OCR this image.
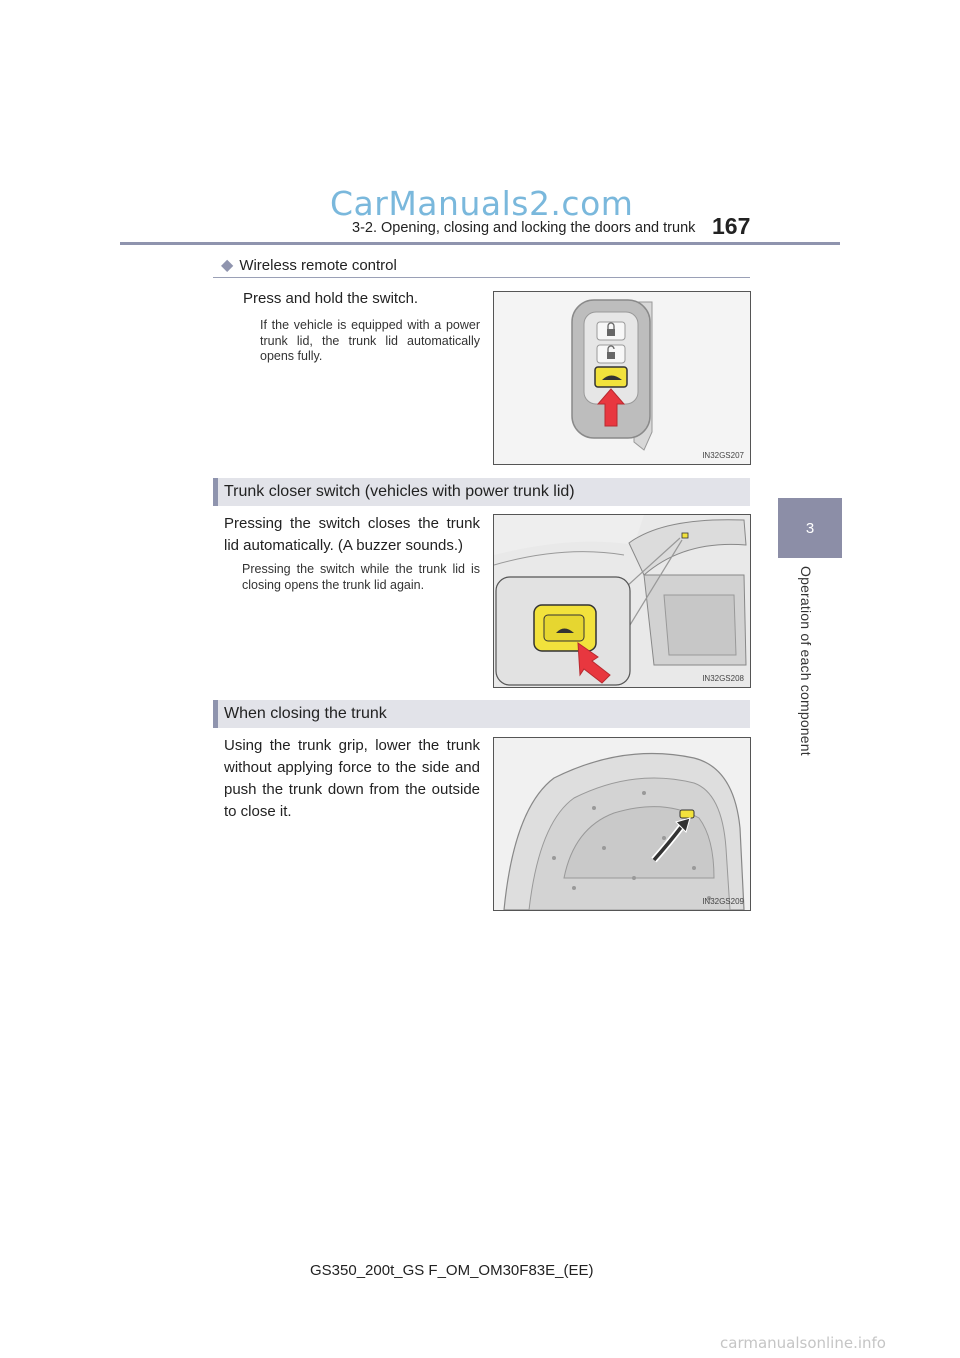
CarManuals2.com
3-2. Opening, closing and locking the doors and trunk 167
3
Operation of each component
◆ Wireless remote control
Press and hold the switch.
If the vehicle is equipped with a power trunk lid, the trunk lid automatically opens fully.
IN32GS207
Trunk closer switch (vehicles with power trunk lid)
Pressing the switch closes the trunk lid automatically. (A buzzer sounds.)
Pressing the switch while the trunk lid is closing opens the trunk lid again.
IN32GS208
When closing the trunk
Using the trunk grip, lower the trunk without applying force to the side and push the trunk down from the outside to close it.
IN32GS209
GS350_200t_GS F_OM_OM30F83E_(EE)
carmanualsonline.info
